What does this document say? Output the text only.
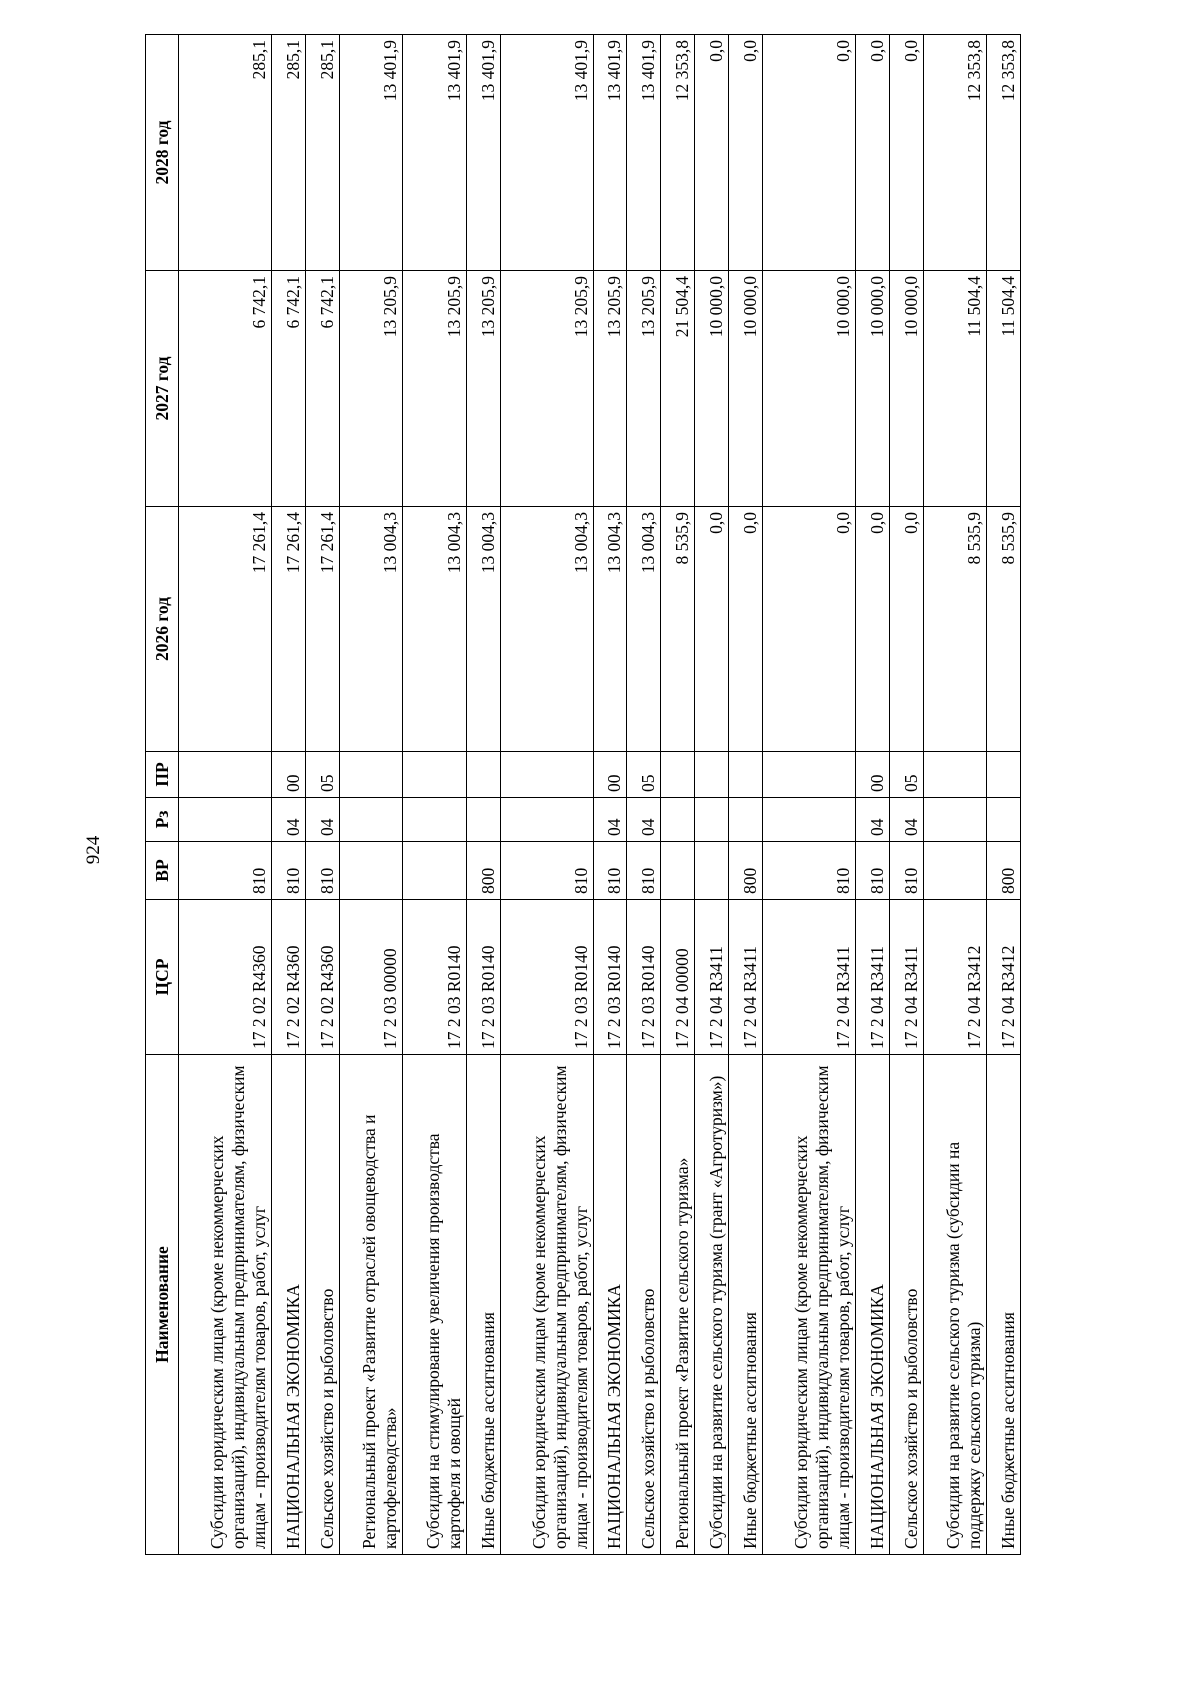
924
Наименование	ЦСР	ВР	Рз	ПР	2026 год	2027 год	2028 год
Субсидии юридическим лицам (кроме некоммерческих организаций), индивидуальным предпринимателям, физическим лицам - производителям товаров, работ, услуг	17 2 02 R4360	810			17 261,4	6 742,1	285,1
НАЦИОНАЛЬНАЯ ЭКОНОМИКА	17 2 02 R4360	810	04	00	17 261,4	6 742,1	285,1
Сельское хозяйство и рыболовство	17 2 02 R4360	810	04	05	17 261,4	6 742,1	285,1
Региональный проект «Развитие отраслей овощеводства и картофелеводства»	17 2 03 00000				13 004,3	13 205,9	13 401,9
Субсидии на стимулирование увеличения производства картофеля и овощей	17 2 03 R0140				13 004,3	13 205,9	13 401,9
Иные бюджетные ассигнования	17 2 03 R0140	800			13 004,3	13 205,9	13 401,9
Субсидии юридическим лицам (кроме некоммерческих организаций), индивидуальным предпринимателям, физическим лицам - производителям товаров, работ, услуг	17 2 03 R0140	810			13 004,3	13 205,9	13 401,9
НАЦИОНАЛЬНАЯ ЭКОНОМИКА	17 2 03 R0140	810	04	00	13 004,3	13 205,9	13 401,9
Сельское хозяйство и рыболовство	17 2 03 R0140	810	04	05	13 004,3	13 205,9	13 401,9
Региональный проект «Развитие сельского туризма»	17 2 04 00000				8 535,9	21 504,4	12 353,8
Субсидии на развитие сельского туризма (грант «Агротуризм»)	17 2 04 R3411				0,0	10 000,0	0,0
Иные бюджетные ассигнования	17 2 04 R3411	800			0,0	10 000,0	0,0
Субсидии юридическим лицам (кроме некоммерческих организаций), индивидуальным предпринимателям, физическим лицам - производителям товаров, работ, услуг	17 2 04 R3411	810			0,0	10 000,0	0,0
НАЦИОНАЛЬНАЯ ЭКОНОМИКА	17 2 04 R3411	810	04	00	0,0	10 000,0	0,0
Сельское хозяйство и рыболовство	17 2 04 R3411	810	04	05	0,0	10 000,0	0,0
Субсидии на развитие сельского туризма (субсидии на поддержку сельского туризма)	17 2 04 R3412				8 535,9	11 504,4	12 353,8
Иные бюджетные ассигнования	17 2 04 R3412	800			8 535,9	11 504,4	12 353,8
